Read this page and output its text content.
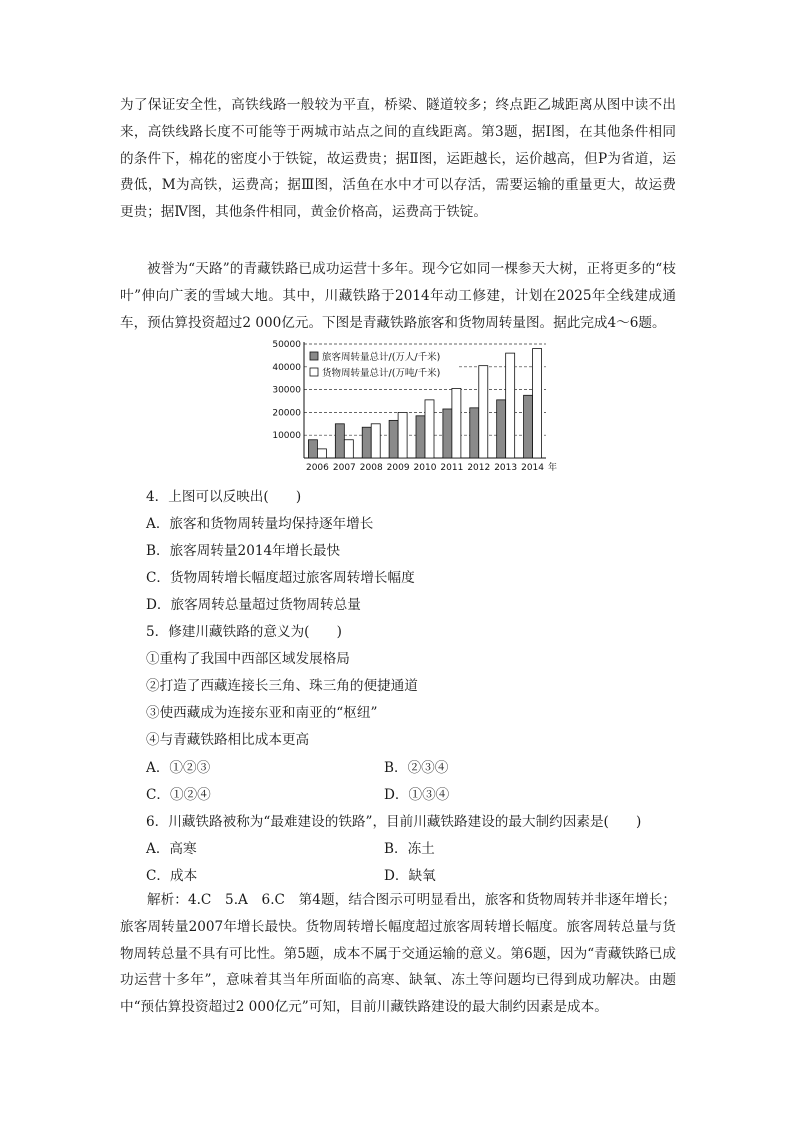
为了保证安全性，高铁线路一般较为平直，桥梁、隧道较多；终点距乙城距离从图中读不出来，高铁线路长度不可能等于两城市站点之间的直线距离。第3题，据Ⅰ图，在其他条件相同的条件下，棉花的密度小于铁锭，故运费贵；据Ⅱ图，运距越长，运价越高，但P为省道，运费低，M为高铁，运费高；据Ⅲ图，活鱼在水中才可以存活，需要运输的重量更大，故运费更贵；据Ⅳ图，其他条件相同，黄金价格高，运费高于铁锭。
被誉为“天路”的青藏铁路已成功运营十多年。现今它如同一棵参天大树，正将更多的“枝叶”伸向广袤的雪域大地。其中，川藏铁路于2014年动工修建，计划在2025年全线建成通车，预估算投资超过2 000亿元。下图是青藏铁路旅客和货物周转量图。据此完成4～6题。
10000
20000
30000
40000
50000
2006 2007 2008 2009 2010 2011 2012 2013 2014 年
旅客周转量总计/(万人/千米)
货物周转量总计/(万吨/千米)
4．上图可以反映出(　　)
A．旅客和货物周转量均保持逐年增长
B．旅客周转量2014年增长最快
C．货物周转增长幅度超过旅客周转增长幅度
D．旅客周转总量超过货物周转总量
5．修建川藏铁路的意义为(　　)
①重构了我国中西部区域发展格局
②打造了西藏连接长三角、珠三角的便捷通道
③使西藏成为连接东亚和南亚的“枢纽”
④与青藏铁路相比成本更高
A．①②③	B．②③④
C．①②④	D．①③④
6．川藏铁路被称为“最难建设的铁路”，目前川藏铁路建设的最大制约因素是(　　)
A．高寒	B．冻土
C．成本	D．缺氧
解析：4.C　5.A　6.C　第4题，结合图示可明显看出，旅客和货物周转并非逐年增长；旅客周转量2007年增长最快。货物周转增长幅度超过旅客周转增长幅度。旅客周转总量与货物周转总量不具有可比性。第5题，成本不属于交通运输的意义。第6题，因为“青藏铁路已成功运营十多年”，意味着其当年所面临的高寒、缺氧、冻土等问题均已得到成功解决。由题中“预估算投资超过2 000亿元”可知，目前川藏铁路建设的最大制约因素是成本。
